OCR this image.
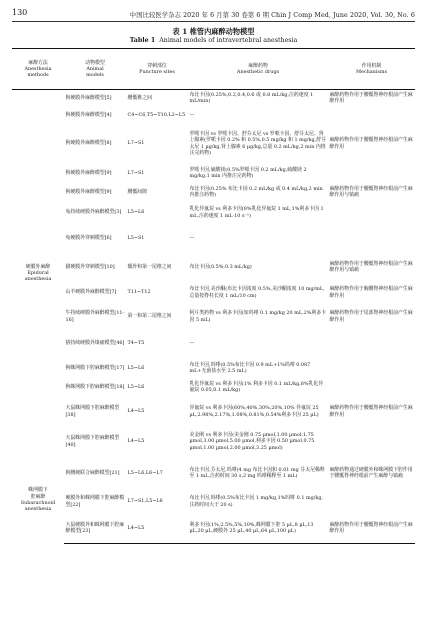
130	中国比较医学杂志 2020 年 6 月第 30 卷第 6 期 Chin J Comp Med, June 2020, Vol. 30, No. 6
表 1 椎管内麻醉动物模型
Table 1 Animal models of intravertebral anesthesia
麻醉方法
Anesthesia
methods	动物模型
Animal
models	穿刺部位
Puncture sites	麻醉药物
Anesthetic drugs	作用机制
Mechanisms
硬膜外麻醉
Epidural
anesthesia	狗硬膜外麻醉模型[5]	腰骶椎之间	布比卡因(0.25%,0.2,0.4,0.6 或 0.8 mL/kg,注药速度 1 mL/min)	麻醉药物作用于腰骶脊神经根前产生麻醉作用
	狗硬膜外麻醉模型[4]	C4~C6,T5~T10,L2~L5	—	
	狗硬膜外麻醉模型[8]	L7~S1	罗哌卡因 vs 罗哌卡因、舒芬太尼 vs 罗哌卡因、舒芬太尼、肾上腺素(罗哌卡因 0.2% 和 0.5%,0.5 mg/kg 和 1 mg/kg,舒芬太尼 1 µg/kg,肾上腺素 6 µg/kg,总量 0.2 mL/kg,2 min 内推注完药物)	麻醉药物作用于腰骶脊神经根前产生麻醉作用
	狗硬膜外麻醉模型[9]	L7~S1	罗哌卡因,硫酸镁(0.5%罗哌卡因 0.2 mL/kg,硫酸镁 2 mg/kg,1 min 内推注完药物)	
	狗硬膜外麻醉模型[9]	腰骶间隙	布比卡因(0.25% 布比卡因 0.2 mL/kg 或 0.4 mL/kg,2 min 内推注药物)	麻醉药物作用于腰骶脊神经根前产生麻醉作用与镇痛
	兔持续硬膜外麻醉模型[3]	L5~L6	乳化异氟烷 vs 利多卡因(8%乳化异氟烷 1 mL,1%利多卡因 1 mL,注药速度 1 mL·10 s⁻¹)	
	兔硬膜外穿刺模型[6]	L5~S1	—	
	猫硬膜外穿刺模型[10]	骶骨和第一尾椎之间	布比卡因(0.5%,0.3 mL/kg)	麻醉药物作用于腰骶脊神经根前产生麻醉作用与镇痛
	山羊硬膜外麻醉模型[7]	T11~T12	布比卡因,美沙酮(布比卡因浓度 0.5%,美沙酮浓度 10 mg/mL,总量按脊柱长度 1 mL/10 cm)	麻醉药物作用于胸腰脊神经根前产生麻醉作用
	牛持续硬膜外麻醉模型[11-16]	第一和第二尾椎之间	阿片类药物 vs 利多卡因(如吗啡 0.1 mg/kg 20 mL,2%利多卡因 5 mL)	麻醉药物作用于尾部脊神经根前产生麻醉作用
	猪持续硬膜外镇痛模型[46]	T4~T5	—	
	狗蛛网膜下腔麻醉模型[17]	L5~L6	布比卡因,吗啡(0.5%布比卡因 0.9 mL+1%吗啡 0.087 mL+无菌盐水至 2.5 mL)	
	狗蛛网膜下腔麻醉模型[18]	L5~L6	乳化异氟烷 vs 利多卡因(1% 利多卡因 0.1 mL/kg,8%乳化异氟烷 0.05,0.1 mL/kg)	
	大鼠蛛网膜下腔麻醉模型[38]	L4~L5	异氟烷 vs 利多卡因(60%,40%,30%,20%,10% 异氟烷 25 µL,2.98%,2.17%,1.08%,0.81%,0.54%利多卡因 25 µL)	麻醉药物作用于腰骶脊神经根前产生麻醉作用
	大鼠蛛网膜下腔麻醉模型[40]	L4~L5	美金刚 vs 利多卡因(美金刚 0.75 µmol,1.00 µmol,1.75 µmol,3.00 µmol,5.00 µmol,利多卡因 0.50 µmol,0.75 µmol,1.00 µmol,2.00 µmol,3.25 µmol)	
蛛网膜下
腔麻醉
Subarachnoid
anesthesia	狗腰硬联合麻醉模型[21]	L5~L6,L6~L7	布比卡因,芬太尼,吗啡(4 mg 布比卡因和 0.01 mg 芬太尼稀释至 1 mL,注药时间 30 s,2 mg 吗啡稀释至 1 mL)	麻醉药物通过硬膜外和蛛网膜下腔作用于腰骶脊神经根前产生麻醉与镇痛
	硬膜外和蛛网膜下腔麻醉模型[22]	L7~S1,L5~L6	布比卡因,吗啡(0.5%布比卡因 1 mg/kg,1%吗啡 0.1 mg/kg,注药时间大于 20 s)	
	大鼠硬膜外和蛛网膜下腔麻醉模型[23]	L4~L5	利多卡因(1%,2.5%,5%,10%,蛛网膜下腔 5 µL,8 µL,13 µL,20 µL,硬膜外 25 µL,40 µL,64 µL,100 µL)	麻醉药物作用于腰骶脊神经根前产生麻醉作用
